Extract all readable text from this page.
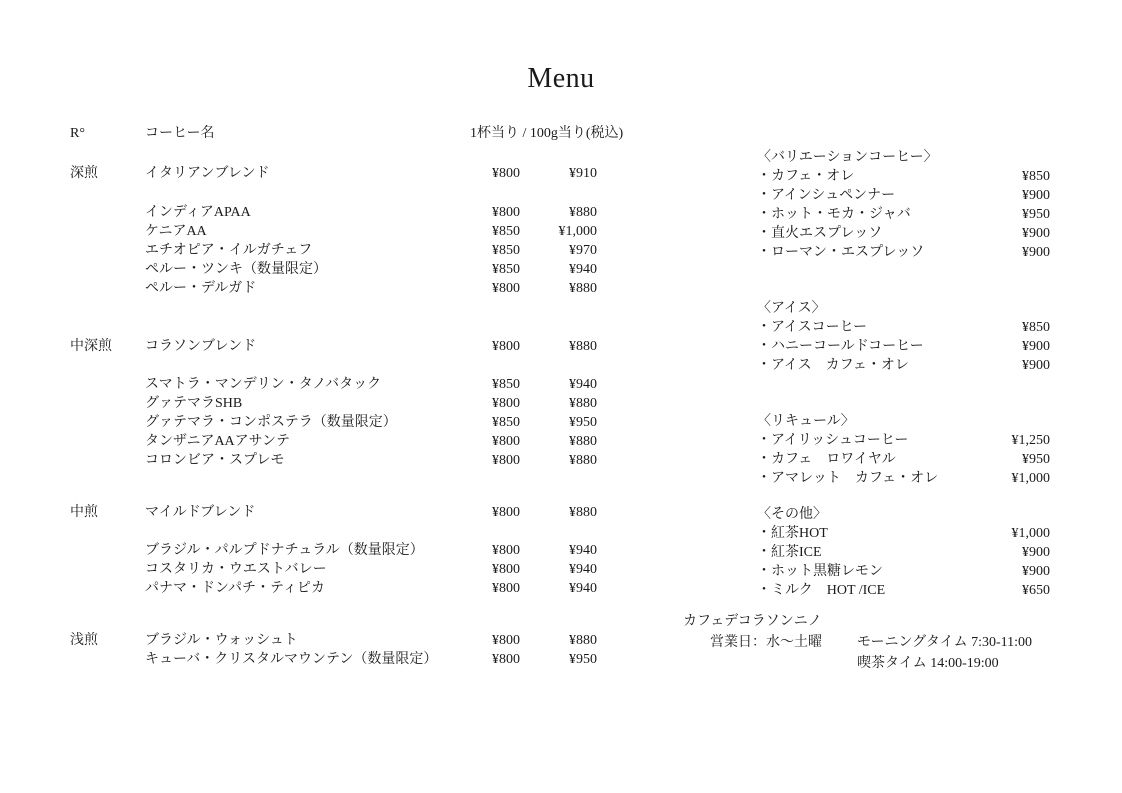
Menu
R°	コーヒー名	1杯当り / 100g当り(税込)
深煎	イタリアンブレンド	¥800	¥910
インディアAPAA	¥800	¥880
ケニアAA	¥850	¥1,000
エチオピア・イルガチェフ	¥850	¥970
ペルー・ツンキ（数量限定）	¥850	¥940
ペルー・デルガド	¥800	¥880
中深煎	コラソンブレンド	¥800	¥880
スマトラ・マンデリン・タノバタック	¥850	¥940
グァテマラSHB	¥800	¥880
グァテマラ・コンポステラ（数量限定）	¥850	¥950
タンザニアAAアサンテ	¥800	¥880
コロンビア・スプレモ	¥800	¥880
中煎	マイルドブレンド	¥800	¥880
ブラジル・パルプドナチュラル（数量限定）	¥800	¥940
コスタリカ・ウエストバレー	¥800	¥940
パナマ・ドンパチ・ティピカ	¥800	¥940
浅煎	ブラジル・ウォッシュト	¥800	¥880
キューバ・クリスタルマウンテン（数量限定）	¥800	¥950
〈バリエーションコーヒー〉
・カフェ・オレ	¥850
・アインシュペンナー	¥900
・ホット・モカ・ジャバ	¥950
・直火エスプレッソ	¥900
・ローマン・エスプレッソ	¥900
〈アイス〉
・アイスコーヒー	¥850
・ハニーコールドコーヒー	¥900
・アイス　カフェ・オレ	¥900
〈リキュール〉
・アイリッシュコーヒー	¥1,250
・カフェ　ロワイヤル	¥950
・アマレット　カフェ・オレ	¥1,000
〈その他〉
・紅茶HOT	¥1,000
・紅茶ICE	¥900
・ホット黒糖レモン	¥900
・ミルク　HOT /ICE	¥650
カフェデコラソンニノ
営業日：水～土曜	モーニングタイム 7:30-11:00
喫茶タイム 14:00-19:00
